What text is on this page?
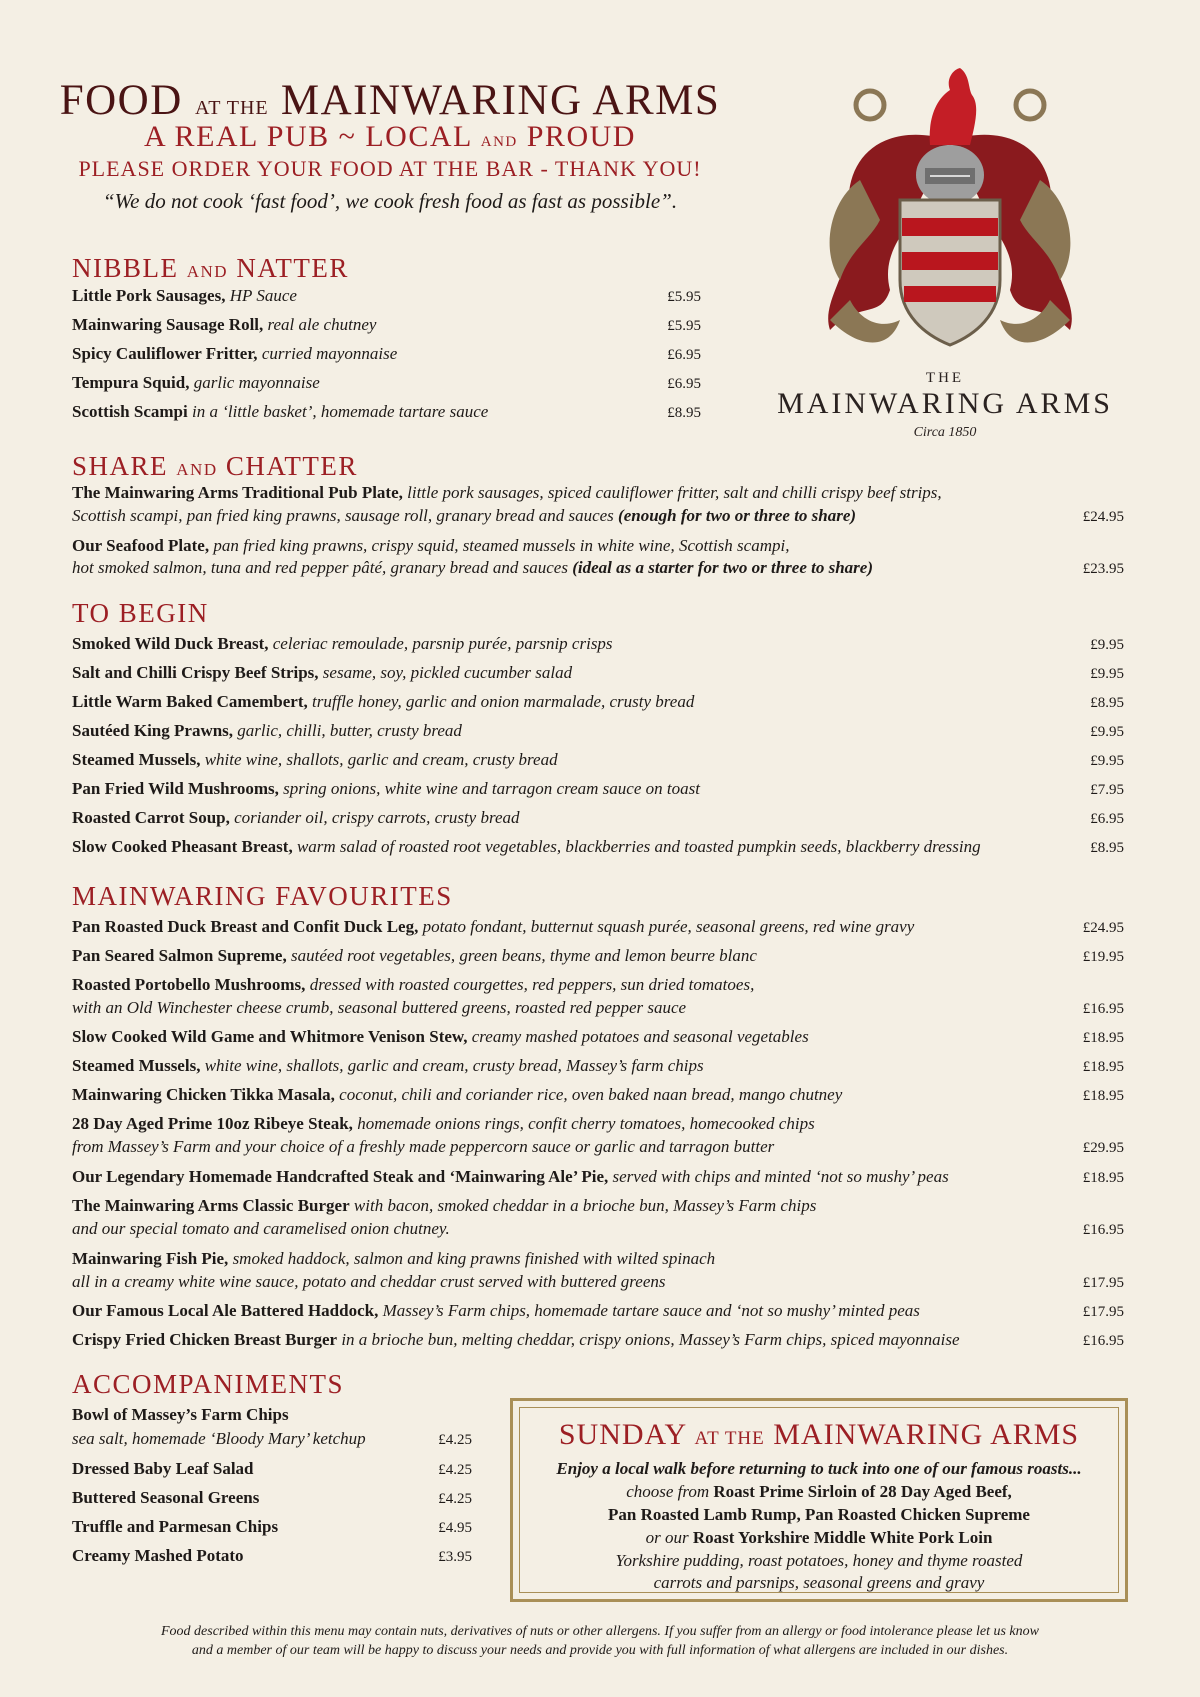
FOOD AT THE MAINWARING ARMS
A REAL PUB ~ LOCAL AND PROUD
PLEASE ORDER YOUR FOOD AT THE BAR - THANK YOU!
“We do not cook ‘fast food’, we cook fresh food as fast as possible”.
THE
MAINWARING ARMS
Circa 1850
NIBBLE AND NATTER
Little Pork Sausages, HP Sauce	£5.95
Mainwaring Sausage Roll, real ale chutney	£5.95
Spicy Cauliflower Fritter, curried mayonnaise	£6.95
Tempura Squid, garlic mayonnaise	£6.95
Scottish Scampi in a ‘little basket’, homemade tartare sauce	£8.95
SHARE AND CHATTER
The Mainwaring Arms Traditional Pub Plate, little pork sausages, spiced cauliflower fritter, salt and chilli crispy beef strips,
Scottish scampi, pan fried king prawns, sausage roll, granary bread and sauces (enough for two or three to share)	£24.95
Our Seafood Plate, pan fried king prawns, crispy squid, steamed mussels in white wine, Scottish scampi,
hot smoked salmon, tuna and red pepper pâté, granary bread and sauces (ideal as a starter for two or three to share)	£23.95
TO BEGIN
Smoked Wild Duck Breast, celeriac remoulade, parsnip purée, parsnip crisps	£9.95
Salt and Chilli Crispy Beef Strips, sesame, soy, pickled cucumber salad	£9.95
Little Warm Baked Camembert, truffle honey, garlic and onion marmalade, crusty bread	£8.95
Sautéed King Prawns, garlic, chilli, butter, crusty bread	£9.95
Steamed Mussels, white wine, shallots, garlic and cream, crusty bread	£9.95
Pan Fried Wild Mushrooms, spring onions, white wine and tarragon cream sauce on toast	£7.95
Roasted Carrot Soup, coriander oil, crispy carrots, crusty bread	£6.95
Slow Cooked Pheasant Breast, warm salad of roasted root vegetables, blackberries and toasted pumpkin seeds, blackberry dressing	£8.95
MAINWARING FAVOURITES
Pan Roasted Duck Breast and Confit Duck Leg, potato fondant, butternut squash purée, seasonal greens, red wine gravy	£24.95
Pan Seared Salmon Supreme, sautéed root vegetables, green beans, thyme and lemon beurre blanc	£19.95
Roasted Portobello Mushrooms, dressed with roasted courgettes, red peppers, sun dried tomatoes,
with an Old Winchester cheese crumb, seasonal buttered greens, roasted red pepper sauce	£16.95
Slow Cooked Wild Game and Whitmore Venison Stew, creamy mashed potatoes and seasonal vegetables	£18.95
Steamed Mussels, white wine, shallots, garlic and cream, crusty bread, Massey’s farm chips	£18.95
Mainwaring Chicken Tikka Masala, coconut, chili and coriander rice, oven baked naan bread, mango chutney	£18.95
28 Day Aged Prime 10oz Ribeye Steak, homemade onions rings, confit cherry tomatoes, homecooked chips
from Massey’s Farm and your choice of a freshly made peppercorn sauce or garlic and tarragon butter	£29.95
Our Legendary Homemade Handcrafted Steak and ‘Mainwaring Ale’ Pie, served with chips and minted ‘not so mushy’ peas	£18.95
The Mainwaring Arms Classic Burger with bacon, smoked cheddar in a brioche bun, Massey’s Farm chips
and our special tomato and caramelised onion chutney.	£16.95
Mainwaring Fish Pie, smoked haddock, salmon and king prawns finished with wilted spinach
all in a creamy white wine sauce, potato and cheddar crust served with buttered greens	£17.95
Our Famous Local Ale Battered Haddock, Massey’s Farm chips, homemade tartare sauce and ‘not so mushy’ minted peas	£17.95
Crispy Fried Chicken Breast Burger in a brioche bun, melting cheddar, crispy onions, Massey’s Farm chips, spiced mayonnaise	£16.95
ACCOMPANIMENTS
Bowl of Massey’s Farm Chips
sea salt, homemade ‘Bloody Mary’ ketchup	£4.25
Dressed Baby Leaf Salad	£4.25
Buttered Seasonal Greens	£4.25
Truffle and Parmesan Chips	£4.95
Creamy Mashed Potato	£3.95
SUNDAY AT THE MAINWARING ARMS
Enjoy a local walk before returning to tuck into one of our famous roasts...
choose from Roast Prime Sirloin of 28 Day Aged Beef,
Pan Roasted Lamb Rump, Pan Roasted Chicken Supreme
or our Roast Yorkshire Middle White Pork Loin
Yorkshire pudding, roast potatoes, honey and thyme roasted
carrots and parsnips, seasonal greens and gravy
Food described within this menu may contain nuts, derivatives of nuts or other allergens. If you suffer from an allergy or food intolerance please let us know
and a member of our team will be happy to discuss your needs and provide you with full information of what allergens are included in our dishes.
